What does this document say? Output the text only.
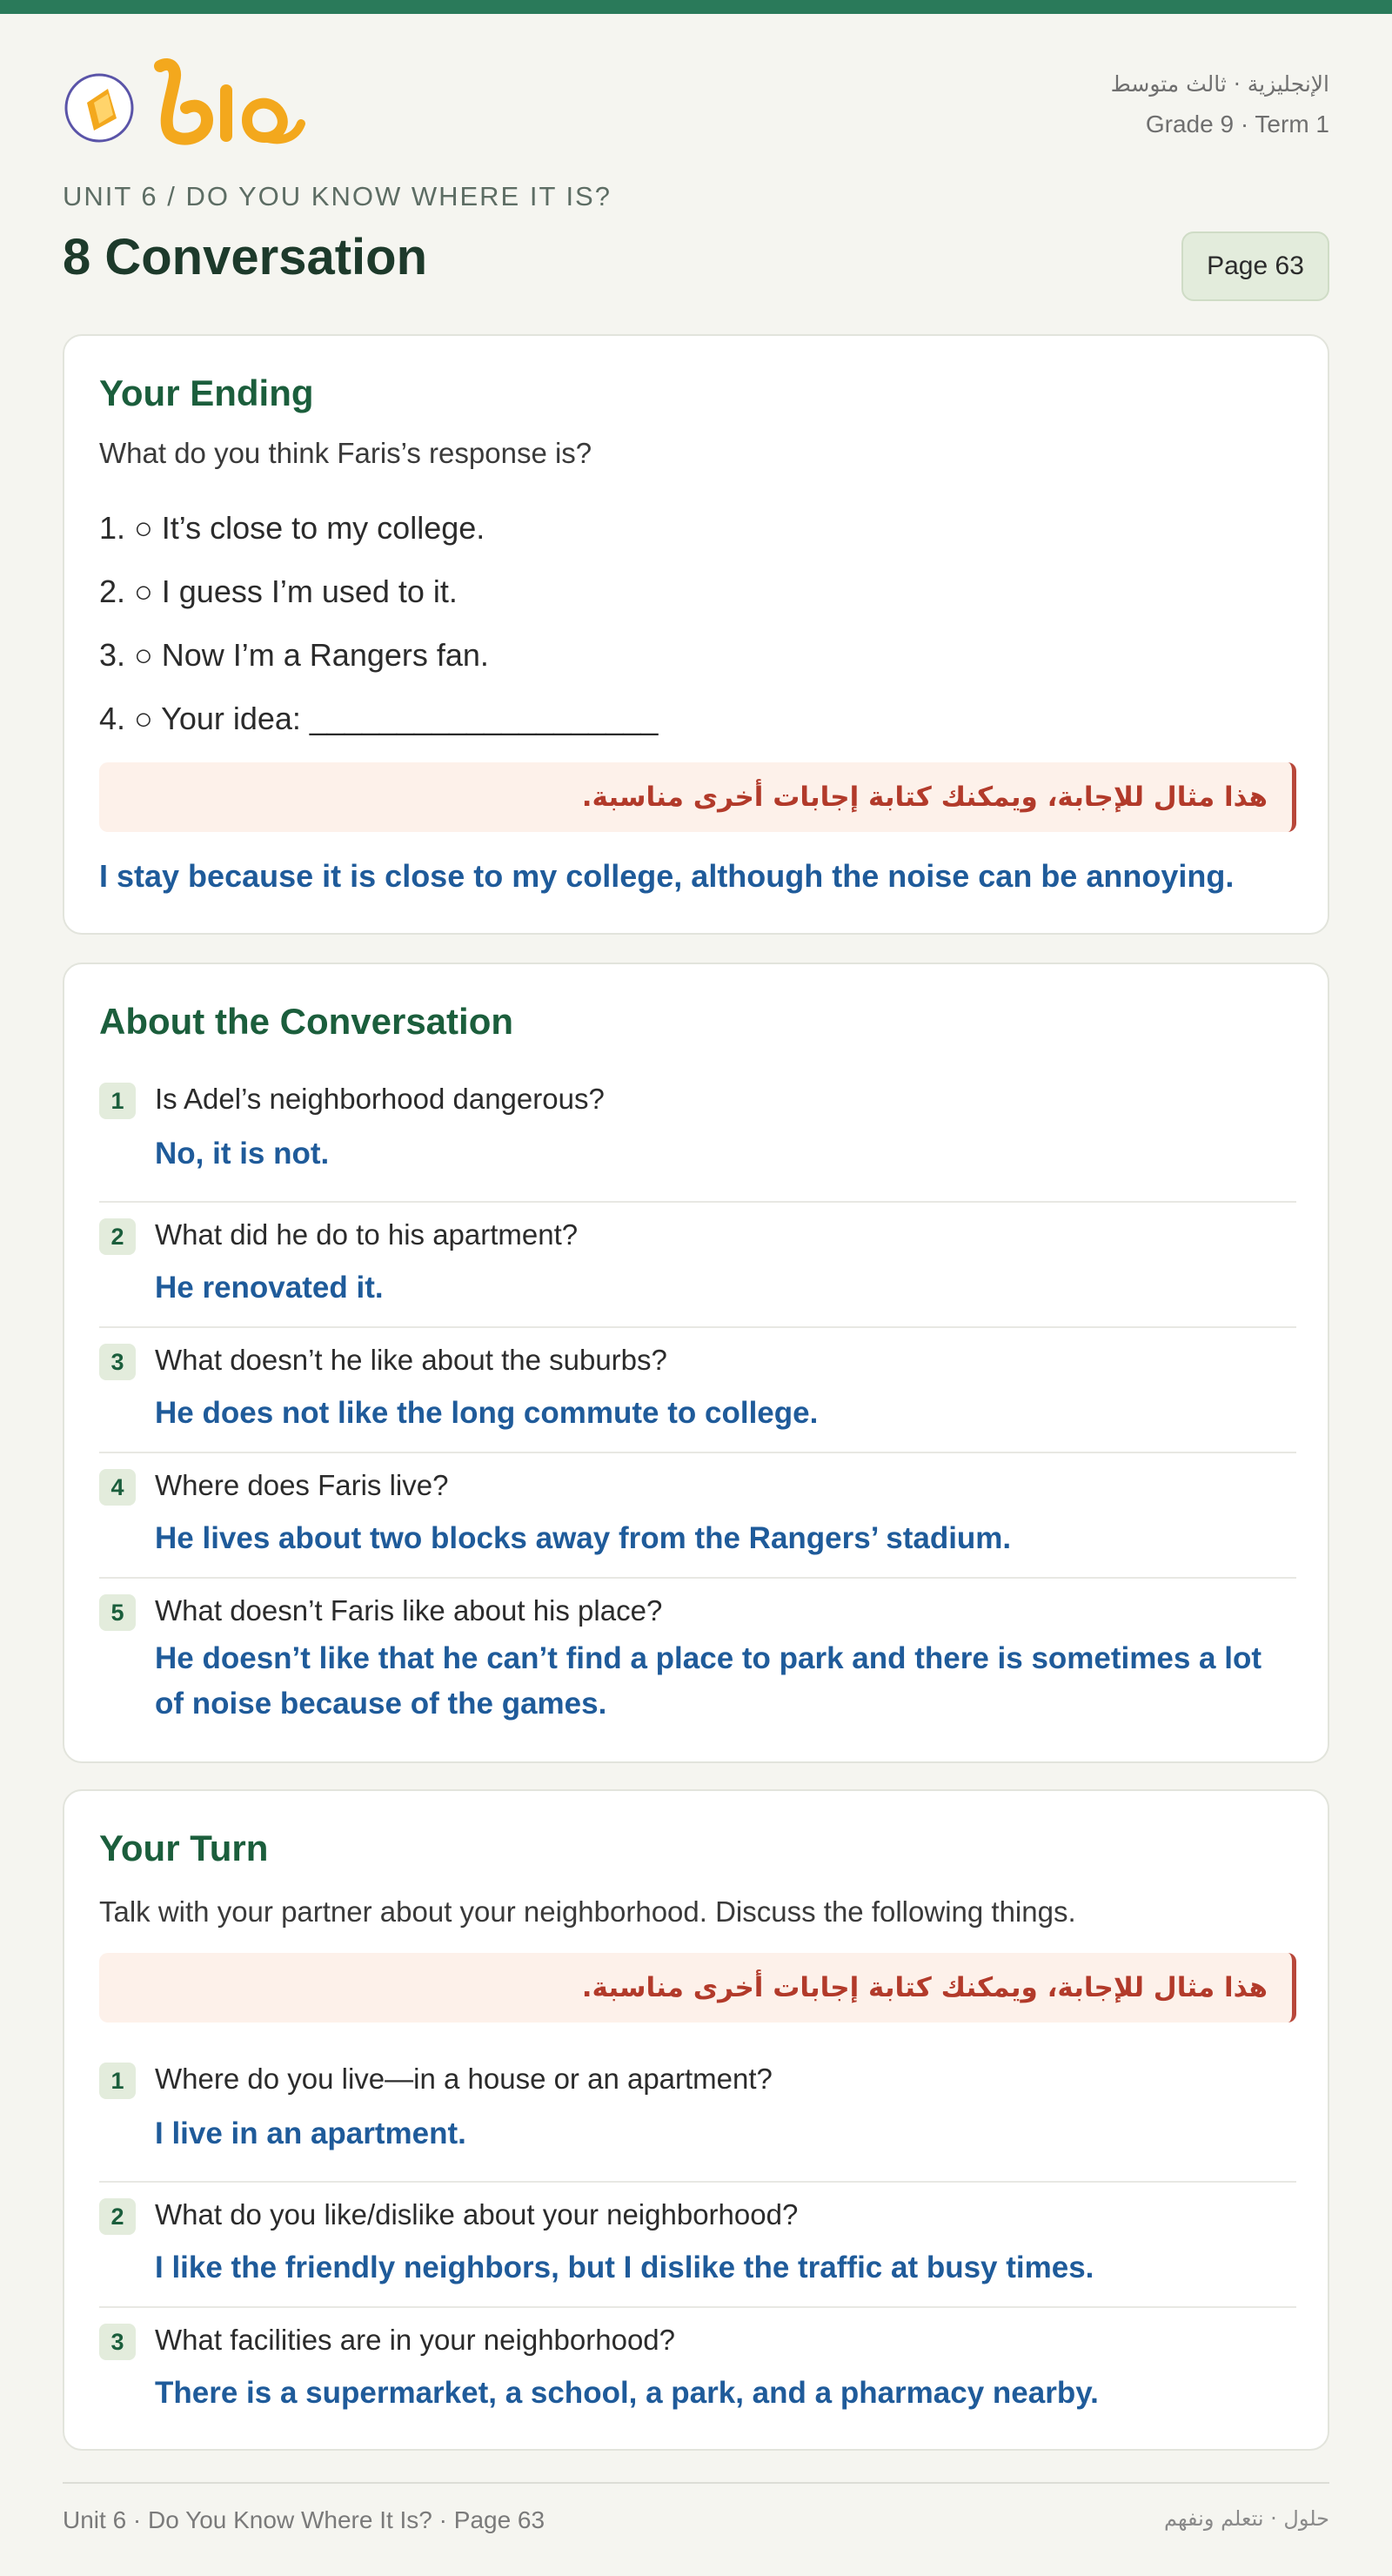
الإنجليزية · ثالث متوسط
Grade 9 · Term 1
UNIT 6 / DO YOU KNOW WHERE IT IS?
8 Conversation	Page 63
Your Ending
What do you think Faris’s response is?
1. ○ It’s close to my college.
2. ○ I guess I’m used to it.
3. ○ Now I’m a Rangers fan.
4. ○ Your idea: ____________________
هذا مثال للإجابة، ويمكنك كتابة إجابات أخرى مناسبة.
I stay because it is close to my college, although the noise can be annoying.
About the Conversation
1	Is Adel’s neighborhood dangerous?
No, it is not.
2	What did he do to his apartment?
He renovated it.
3	What doesn’t he like about the suburbs?
He does not like the long commute to college.
4	Where does Faris live?
He lives about two blocks away from the Rangers’ stadium.
5	What doesn’t Faris like about his place?
He doesn’t like that he can’t find a place to park and there is sometimes a lot of noise because of the games.
Your Turn
Talk with your partner about your neighborhood. Discuss the following things.
هذا مثال للإجابة، ويمكنك كتابة إجابات أخرى مناسبة.
1	Where do you live—in a house or an apartment?
I live in an apartment.
2	What do you like/dislike about your neighborhood?
I like the friendly neighbors, but I dislike the traffic at busy times.
3	What facilities are in your neighborhood?
There is a supermarket, a school, a park, and a pharmacy nearby.
Unit 6 · Do You Know Where It Is? · Page 63	حلول · نتعلم ونفهم
